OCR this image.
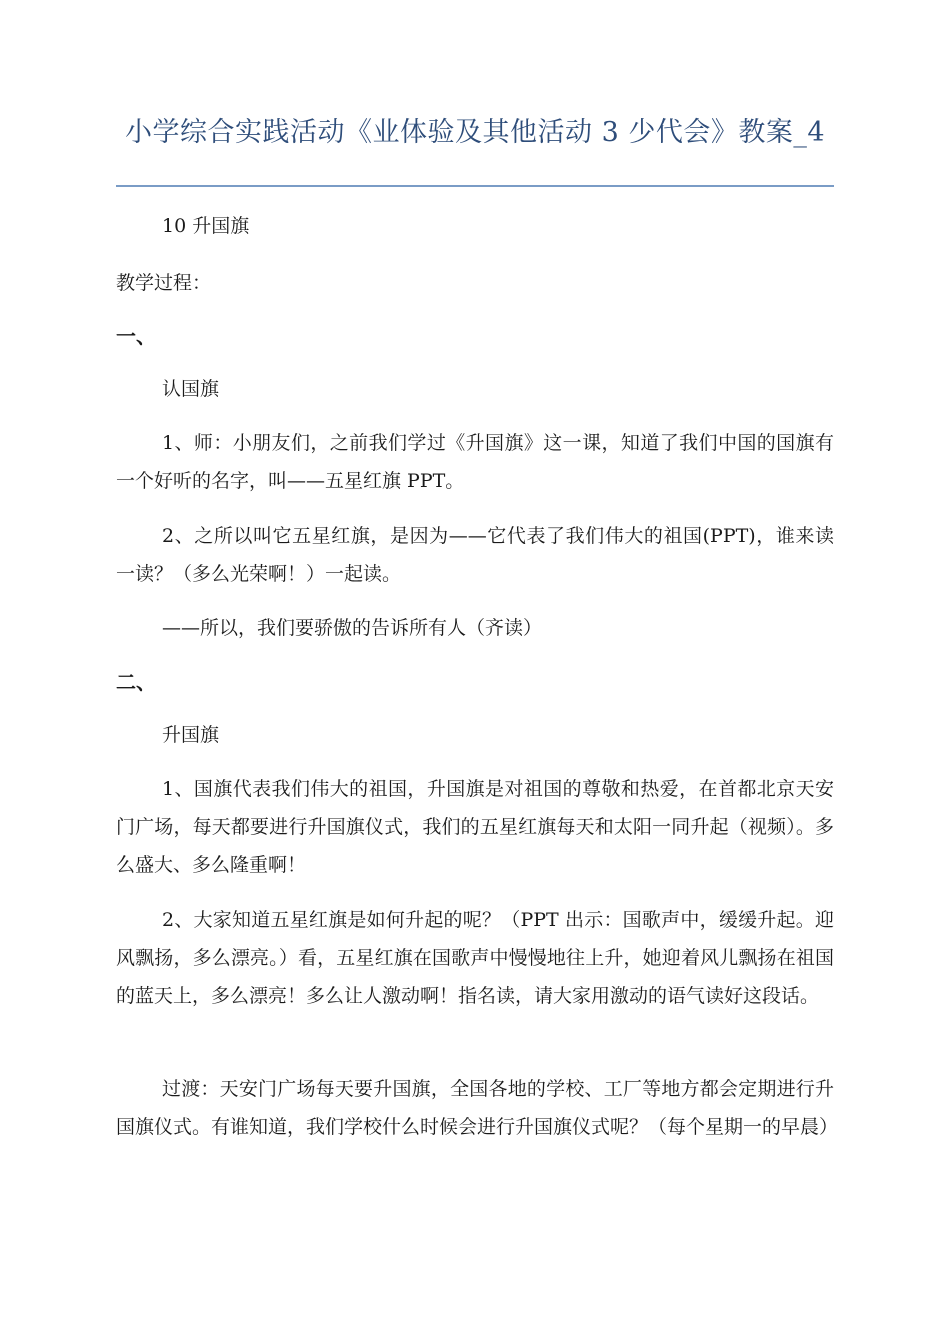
小学综合实践活动《业体验及其他活动 3 少代会》教案_4
10 升国旗
教学过程：
一、
认国旗
1、师：小朋友们，之前我们学过《升国旗》这一课，知道了我们中国的国旗有一个好听的名字，叫——五星红旗 PPT。
2、之所以叫它五星红旗，是因为——它代表了我们伟大的祖国(PPT)，谁来读一读？（多么光荣啊！）一起读。
——所以，我们要骄傲的告诉所有人（齐读）
二、
升国旗
1、国旗代表我们伟大的祖国，升国旗是对祖国的尊敬和热爱，在首都北京天安门广场，每天都要进行升国旗仪式，我们的五星红旗每天和太阳一同升起（视频）。多么盛大、多么隆重啊！
2、大家知道五星红旗是如何升起的呢？（PPT 出示：国歌声中，缓缓升起。迎风飘扬，多么漂亮。）看，五星红旗在国歌声中慢慢地往上升，她迎着风儿飘扬在祖国的蓝天上，多么漂亮！多么让人激动啊！指名读，请大家用激动的语气读好这段话。
过渡：天安门广场每天要升国旗，全国各地的学校、工厂等地方都会定期进行升国旗仪式。有谁知道，我们学校什么时候会进行升国旗仪式呢？（每个星期一的早晨）
